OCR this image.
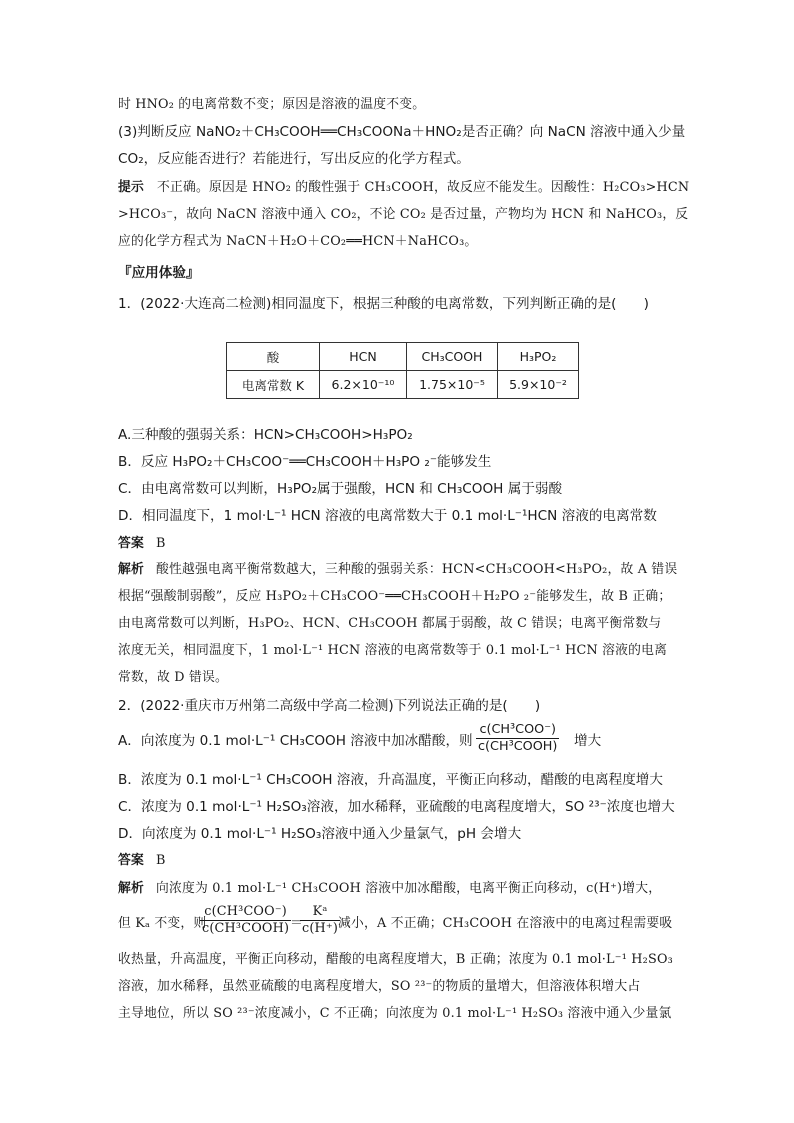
时 HNO₂ 的电离常数不变；原因是溶液的温度不变。
(3)判断反应 NaNO₂＋CH₃COOH══CH₃COONa＋HNO₂是否正确？向 NaCN 溶液中通入少量
CO₂，反应能否进行？若能进行，写出反应的化学方程式。
提示　不正确。原因是 HNO₂ 的酸性强于 CH₃COOH，故反应不能发生。因酸性：H₂CO₃>HCN
>HCO₃⁻，故向 NaCN 溶液中通入 CO₂，不论 CO₂ 是否过量，产物均为 HCN 和 NaHCO₃，反
应的化学方程式为 NaCN＋H₂O＋CO₂══HCN＋NaHCO₃。
『应用体验』
1．(2022·大连高二检测)相同温度下，根据三种酸的电离常数，下列判断正确的是(　　)
酸	HCN	CH₃COOH	H₃PO₂
电离常数 K	6.2×10⁻¹⁰	1.75×10⁻⁵	5.9×10⁻²
A.三种酸的强弱关系：HCN>CH₃COOH>H₃PO₂
B．反应 H₃PO₂＋CH₃COO⁻══CH₃COOH＋H₃PO ₂⁻能够发生
C．由电离常数可以判断，H₃PO₂属于强酸，HCN 和 CH₃COOH 属于弱酸
D．相同温度下，1 mol·L⁻¹ HCN 溶液的电离常数大于 0.1 mol·L⁻¹HCN 溶液的电离常数
答案 B
解析 酸性越强电离平衡常数越大，三种酸的强弱关系：HCN<CH₃COOH<H₃PO₂，故 A 错误
根据“强酸制弱酸”，反应 H₃PO₂＋CH₃COO⁻══CH₃COOH＋H₂PO ₂⁻能够发生，故 B 正确；
由电离常数可以判断，H₃PO₂、HCN、CH₃COOH 都属于弱酸，故 C 错误；电离平衡常数与
浓度无关，相同温度下，1 mol·L⁻¹ HCN 溶液的电离常数等于 0.1 mol·L⁻¹ HCN 溶液的电离
常数，故 D 错误。
2．(2022·重庆市万州第二高级中学高二检测)下列说法正确的是(　　)
A．向浓度为 0.1 mol·L⁻¹ CH₃COOH 溶液中加冰醋酸，则
c(CH³COO⁻)
c(CH³COOH) 增大
B．浓度为 0.1 mol·L⁻¹ CH₃COOH 溶液，升高温度，平衡正向移动，醋酸的电离程度增大
C．浓度为 0.1 mol·L⁻¹ H₂SO₃溶液，加水稀释，亚硫酸的电离程度增大，SO ²³⁻浓度也增大
D．向浓度为 0.1 mol·L⁻¹ H₂SO₃溶液中通入少量氯气，pH 会增大
答案 B
解析 向浓度为 0.1 mol·L⁻¹ CH₃COOH 溶液中加冰醋酸，电离平衡正向移动，c(H⁺)增大，
但 Kₐ 不变，则
c(CH³COO⁻)
c(CH³COOH) ＝
$\frac{\text{Kᵃ}}{c(H^+)}$
减小，A 不正确；CH₃COOH 在溶液中的电离过程需要吸
收热量，升高温度，平衡正向移动，醋酸的电离程度增大，B 正确；浓度为 0.1 mol·L⁻¹ H₂SO₃
溶液，加水稀释，虽然亚硫酸的电离程度增大，SO ²³⁻的物质的量增大，但溶液体积增大占
主导地位，所以 SO ²³⁻浓度减小，C 不正确；向浓度为 0.1 mol·L⁻¹ H₂SO₃ 溶液中通入少量氯
